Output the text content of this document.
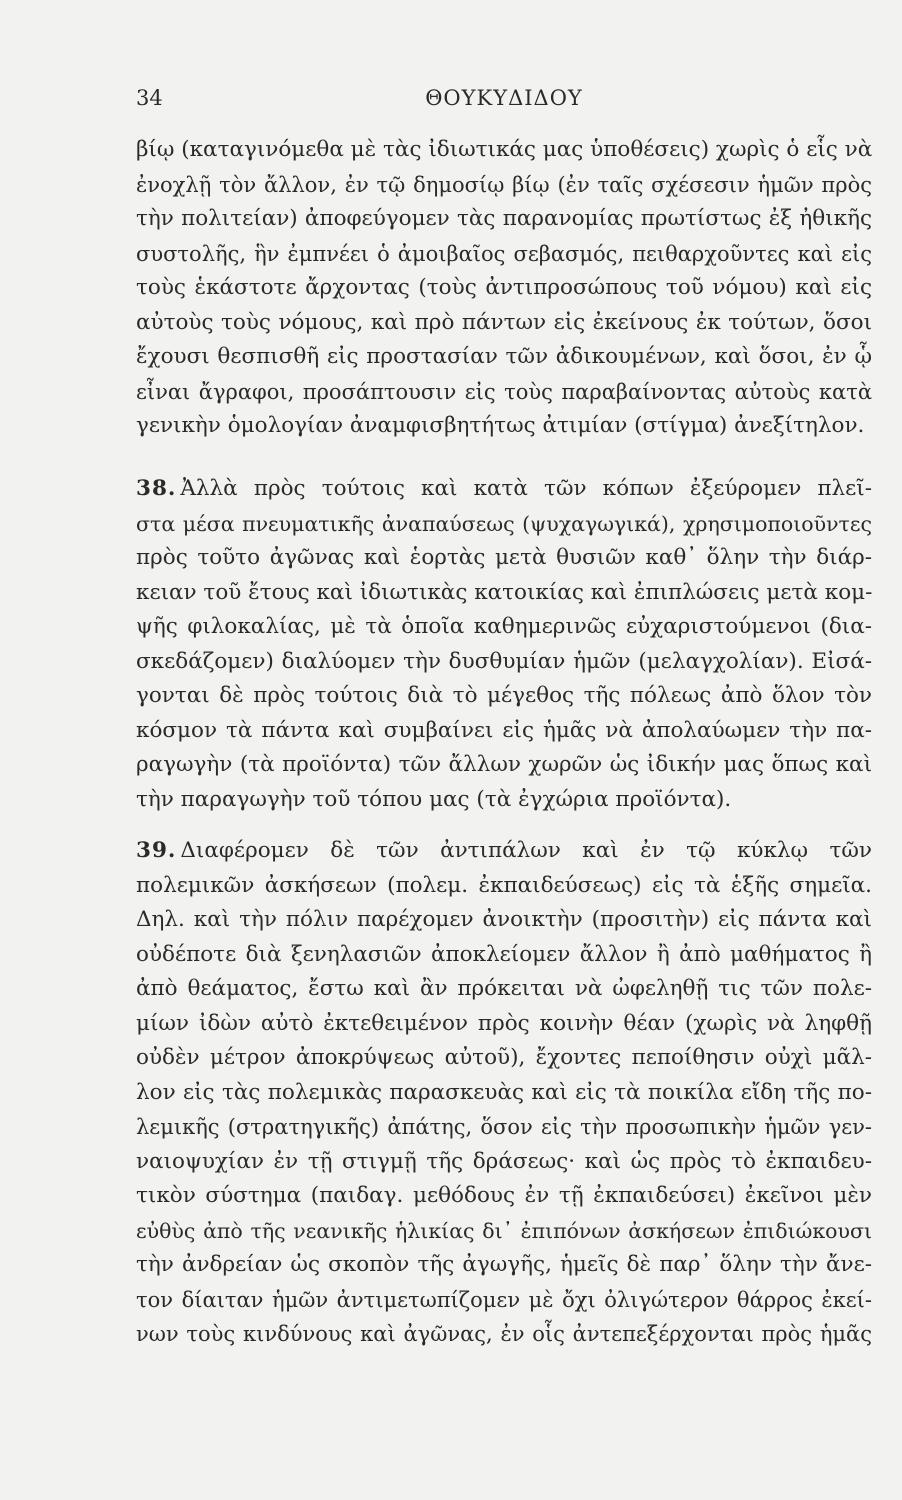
34	ΘΟΥΚΥΔΙΔΟΥ
βίῳ (καταγινόμεθα μὲ τὰς ἰδιωτικάς μας ὑποθέσεις) χωρὶς ὁ εἷς νὰ
ἐνοχλῇ τὸν ἄλλον, ἐν τῷ δημοσίῳ βίῳ (ἐν ταῖς σχέσεσιν ἡμῶν πρὸς
τὴν πολιτείαν) ἀποφεύγομεν τὰς παρανομίας πρωτίστως ἐξ ἠθικῆς
συστολῆς, ἣν ἐμπνέει ὁ ἀμοιβαῖος σεβασμός, πειθαρχοῦντες καὶ εἰς
τοὺς ἑκάστοτε ἄρχοντας (τοὺς ἀντιπροσώπους τοῦ νόμου) καὶ εἰς
αὐτοὺς τοὺς νόμους, καὶ πρὸ πάντων εἰς ἐκείνους ἐκ τούτων, ὅσοι
ἔχουσι θεσπισθῆ εἰς προστασίαν τῶν ἀδικουμένων, καὶ ὅσοι, ἐν ᾧ
εἶναι ἄγραφοι, προσάπτουσιν εἰς τοὺς παραβαίνοντας αὐτοὺς κατὰ
γενικὴν ὁμολογίαν ἀναμφισβητήτως ἀτιμίαν (στίγμα) ἀνεξίτηλον.
38. Ἀλλὰ πρὸς τούτοις καὶ κατὰ τῶν κόπων ἐξεύρομεν πλεῖ-
στα μέσα πνευματικῆς ἀναπαύσεως (ψυχαγωγικά), χρησιμοποιοῦντες
πρὸς τοῦτο ἀγῶνας καὶ ἑορτὰς μετὰ θυσιῶν καθ᾽ ὅλην τὴν διάρ-
κειαν τοῦ ἔτους καὶ ἰδιωτικὰς κατοικίας καὶ ἐπιπλώσεις μετὰ κομ-
ψῆς φιλοκαλίας, μὲ τὰ ὁποῖα καθημερινῶς εὐχαριστούμενοι (δια-
σκεδάζομεν) διαλύομεν τὴν δυσθυμίαν ἡμῶν (μελαγχολίαν). Εἰσά-
γονται δὲ πρὸς τούτοις διὰ τὸ μέγεθος τῆς πόλεως ἀπὸ ὅλον τὸν
κόσμον τὰ πάντα καὶ συμβαίνει εἰς ἡμᾶς νὰ ἀπολαύωμεν τὴν πα-
ραγωγὴν (τὰ προϊόντα) τῶν ἄλλων χωρῶν ὡς ἰδικήν μας ὅπως καὶ
τὴν παραγωγὴν τοῦ τόπου μας (τὰ ἐγχώρια προϊόντα).
39. Διαφέρομεν δὲ τῶν ἀντιπάλων καὶ ἐν τῷ κύκλῳ τῶν
πολεμικῶν ἀσκήσεων (πολεμ. ἐκπαιδεύσεως) εἰς τὰ ἑξῆς σημεῖα.
Δηλ. καὶ τὴν πόλιν παρέχομεν ἀνοικτὴν (προσιτὴν) εἰς πάντα καὶ
οὐδέποτε διὰ ξενηλασιῶν ἀποκλείομεν ἄλλον ἢ ἀπὸ μαθήματος ἢ
ἀπὸ θεάματος, ἔστω καὶ ἂν πρόκειται νὰ ὠφεληθῇ τις τῶν πολε-
μίων ἰδὼν αὐτὸ ἐκτεθειμένον πρὸς κοινὴν θέαν (χωρὶς νὰ ληφθῇ
οὐδὲν μέτρον ἀποκρύψεως αὐτοῦ), ἔχοντες πεποίθησιν οὐχὶ μᾶλ-
λον εἰς τὰς πολεμικὰς παρασκευὰς καὶ εἰς τὰ ποικίλα εἴδη τῆς πο-
λεμικῆς (στρατηγικῆς) ἀπάτης, ὅσον εἰς τὴν προσωπικὴν ἡμῶν γεν-
ναιοψυχίαν ἐν τῇ στιγμῇ τῆς δράσεως· καὶ ὡς πρὸς τὸ ἐκπαιδευ-
τικὸν σύστημα (παιδαγ. μεθόδους ἐν τῇ ἐκπαιδεύσει) ἐκεῖνοι μὲν
εὐθὺς ἀπὸ τῆς νεανικῆς ἡλικίας δι᾽ ἐπιπόνων ἀσκήσεων ἐπιδιώκουσι
τὴν ἀνδρείαν ὡς σκοπὸν τῆς ἀγωγῆς, ἡμεῖς δὲ παρ᾽ ὅλην τὴν ἄνε-
τον δίαιταν ἡμῶν ἀντιμετωπίζομεν μὲ ὄχι ὀλιγώτερον θάρρος ἐκεί-
νων τοὺς κινδύνους καὶ ἀγῶνας, ἐν οἷς ἀντεπεξέρχονται πρὸς ἡμᾶς
